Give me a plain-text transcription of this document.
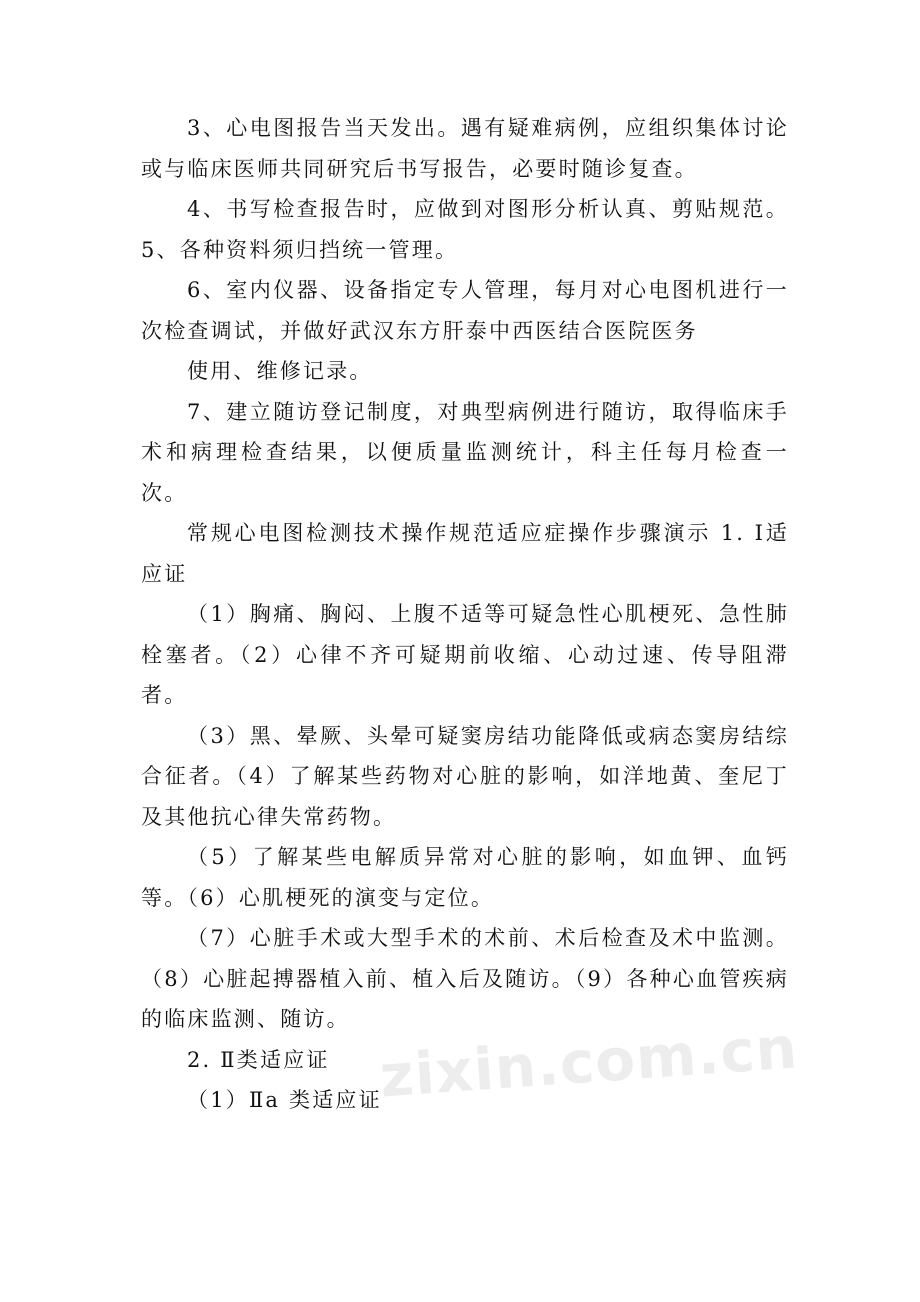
3、心电图报告当天发出。遇有疑难病例，应组织集体讨论或与临床医师共同研究后书写报告，必要时随诊复查。

4、书写检查报告时，应做到对图形分析认真、剪贴规范。5、各种资料须归挡统一管理。

6、室内仪器、设备指定专人管理，每月对心电图机进行一次检查调试，并做好武汉东方肝泰中西医结合医院医务

使用、维修记录。

7、建立随访登记制度，对典型病例进行随访，取得临床手术和病理检查结果，以便质量监测统计，科主任每月检查一次。

常规心电图检测技术操作规范适应症操作步骤演示 1. Ⅰ适应证

（1）胸痛、胸闷、上腹不适等可疑急性心肌梗死、急性肺栓塞者。（2）心律不齐可疑期前收缩、心动过速、传导阻滞者。

（3）黑、晕厥、头晕可疑窦房结功能降低或病态窦房结综合征者。（4）了解某些药物对心脏的影响，如洋地黄、奎尼丁及其他抗心律失常药物。

（5）了解某些电解质异常对心脏的影响，如血钾、血钙等。（6）心肌梗死的演变与定位。

（7）心脏手术或大型手术的术前、术后检查及术中监测。（8）心脏起搏器植入前、植入后及随访。（9）各种心血管疾病的临床监测、随访。

2. Ⅱ类适应证

（1）Ⅱa 类适应证

zixin.com.cn
